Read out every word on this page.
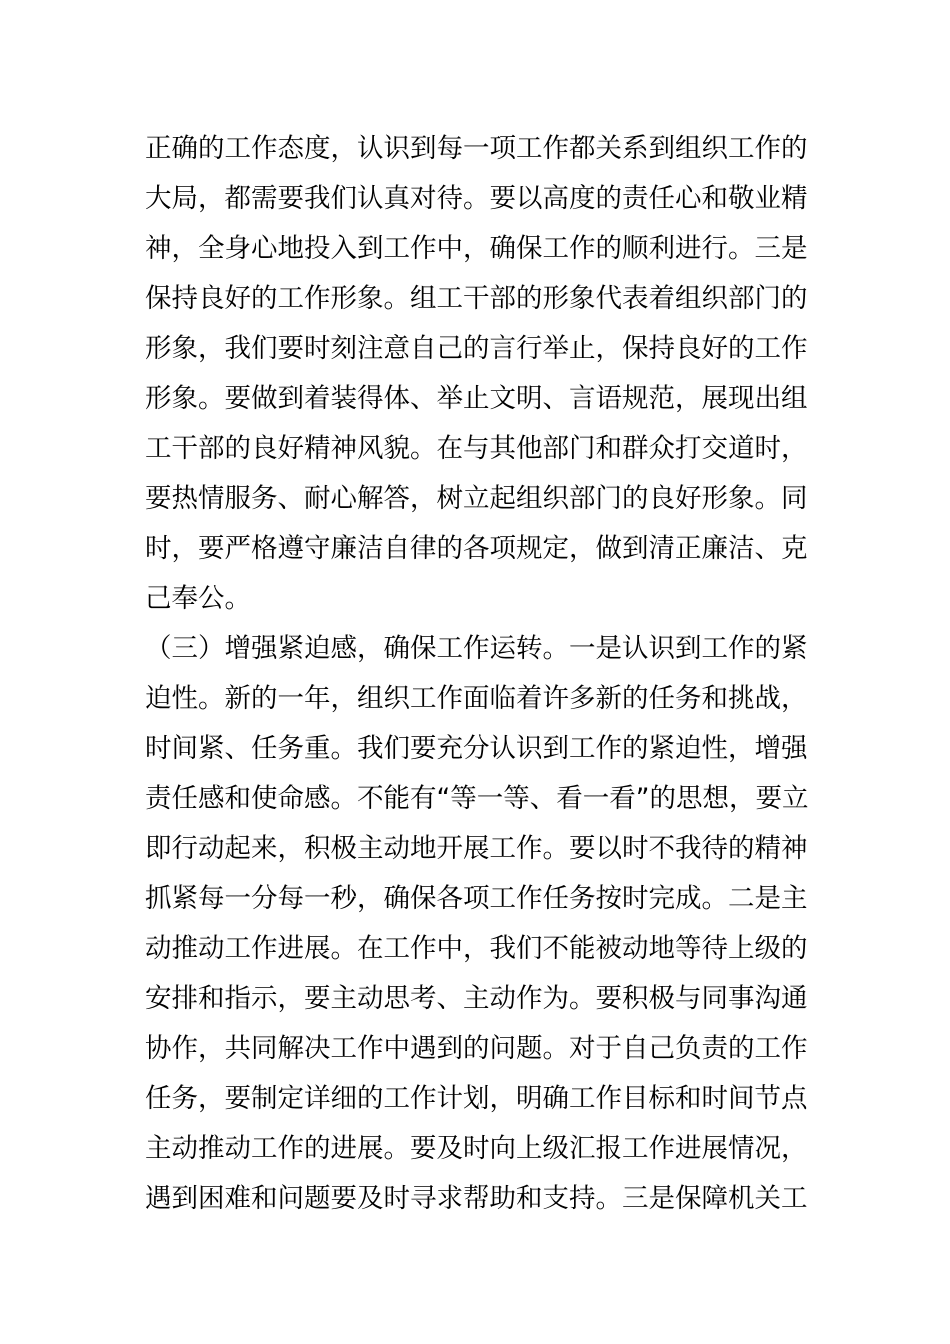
正确的工作态度，认识到每一项工作都关系到组织工作的
大局，都需要我们认真对待。要以高度的责任心和敬业精
神，全身心地投入到工作中，确保工作的顺利进行。三是
保持良好的工作形象。组工干部的形象代表着组织部门的
形象，我们要时刻注意自己的言行举止，保持良好的工作
形象。要做到着装得体、举止文明、言语规范，展现出组
工干部的良好精神风貌。在与其他部门和群众打交道时，
要热情服务、耐心解答，树立起组织部门的良好形象。同
时，要严格遵守廉洁自律的各项规定，做到清正廉洁、克
己奉公。
（三）增强紧迫感，确保工作运转。一是认识到工作的紧
迫性。新的一年，组织工作面临着许多新的任务和挑战，
时间紧、任务重。我们要充分认识到工作的紧迫性，增强
责任感和使命感。不能有“等一等、看一看”的思想，要立
即行动起来，积极主动地开展工作。要以时不我待的精神
抓紧每一分每一秒，确保各项工作任务按时完成。二是主
动推动工作进展。在工作中，我们不能被动地等待上级的
安排和指示，要主动思考、主动作为。要积极与同事沟通
协作，共同解决工作中遇到的问题。对于自己负责的工作
任务，要制定详细的工作计划，明确工作目标和时间节点
主动推动工作的进展。要及时向上级汇报工作进展情况，
遇到困难和问题要及时寻求帮助和支持。三是保障机关工
